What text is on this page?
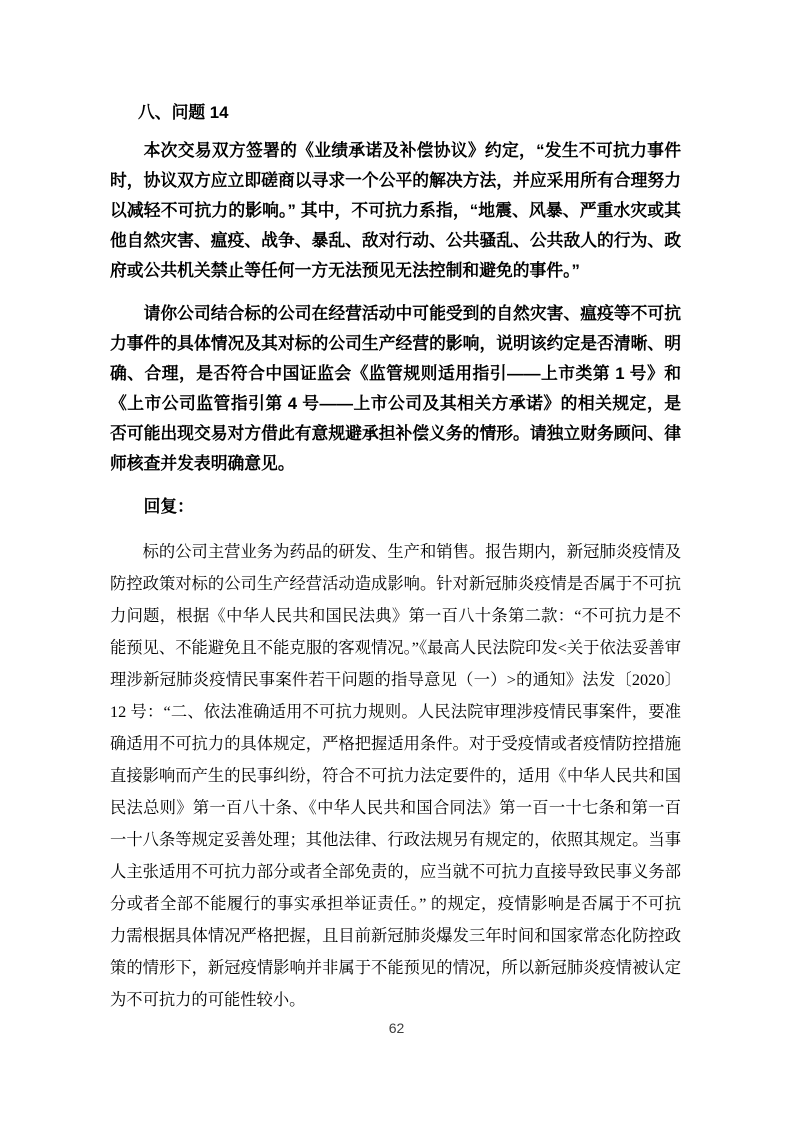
八、问题 14

本次交易双方签署的《业绩承诺及补偿协议》约定，“发生不可抗力事件时，协议双方应立即磋商以寻求一个公平的解决方法，并应采用所有合理努力以减轻不可抗力的影响。” 其中，不可抗力系指，“地震、风暴、严重水灾或其他自然灾害、瘟疫、战争、暴乱、敌对行动、公共骚乱、公共敌人的行为、政府或公共机关禁止等任何一方无法预见无法控制和避免的事件。”

请你公司结合标的公司在经营活动中可能受到的自然灾害、瘟疫等不可抗力事件的具体情况及其对标的公司生产经营的影响，说明该约定是否清晰、明确、合理，是否符合中国证监会《监管规则适用指引——上市类第 1 号》和《上市公司监管指引第 4 号——上市公司及其相关方承诺》的相关规定，是否可能出现交易对方借此有意规避承担补偿义务的情形。请独立财务顾问、律师核查并发表明确意见。

回复：

标的公司主营业务为药品的研发、生产和销售。报告期内，新冠肺炎疫情及防控政策对标的公司生产经营活动造成影响。针对新冠肺炎疫情是否属于不可抗力问题，根据《中华人民共和国民法典》第一百八十条第二款：“不可抗力是不能预见、不能避免且不能克服的客观情况。”《最高人民法院印发<关于依法妥善审理涉新冠肺炎疫情民事案件若干问题的指导意见（一）>的通知》法发〔2020〕12 号：“二、依法准确适用不可抗力规则。人民法院审理涉疫情民事案件，要准确适用不可抗力的具体规定，严格把握适用条件。对于受疫情或者疫情防控措施直接影响而产生的民事纠纷，符合不可抗力法定要件的，适用《中华人民共和国民法总则》第一百八十条、《中华人民共和国合同法》第一百一十七条和第一百一十八条等规定妥善处理；其他法律、行政法规另有规定的，依照其规定。当事人主张适用不可抗力部分或者全部免责的，应当就不可抗力直接导致民事义务部分或者全部不能履行的事实承担举证责任。” 的规定，疫情影响是否属于不可抗力需根据具体情况严格把握，且目前新冠肺炎爆发三年时间和国家常态化防控政策的情形下，新冠疫情影响并非属于不能预见的情况，所以新冠肺炎疫情被认定为不可抗力的可能性较小。

62
